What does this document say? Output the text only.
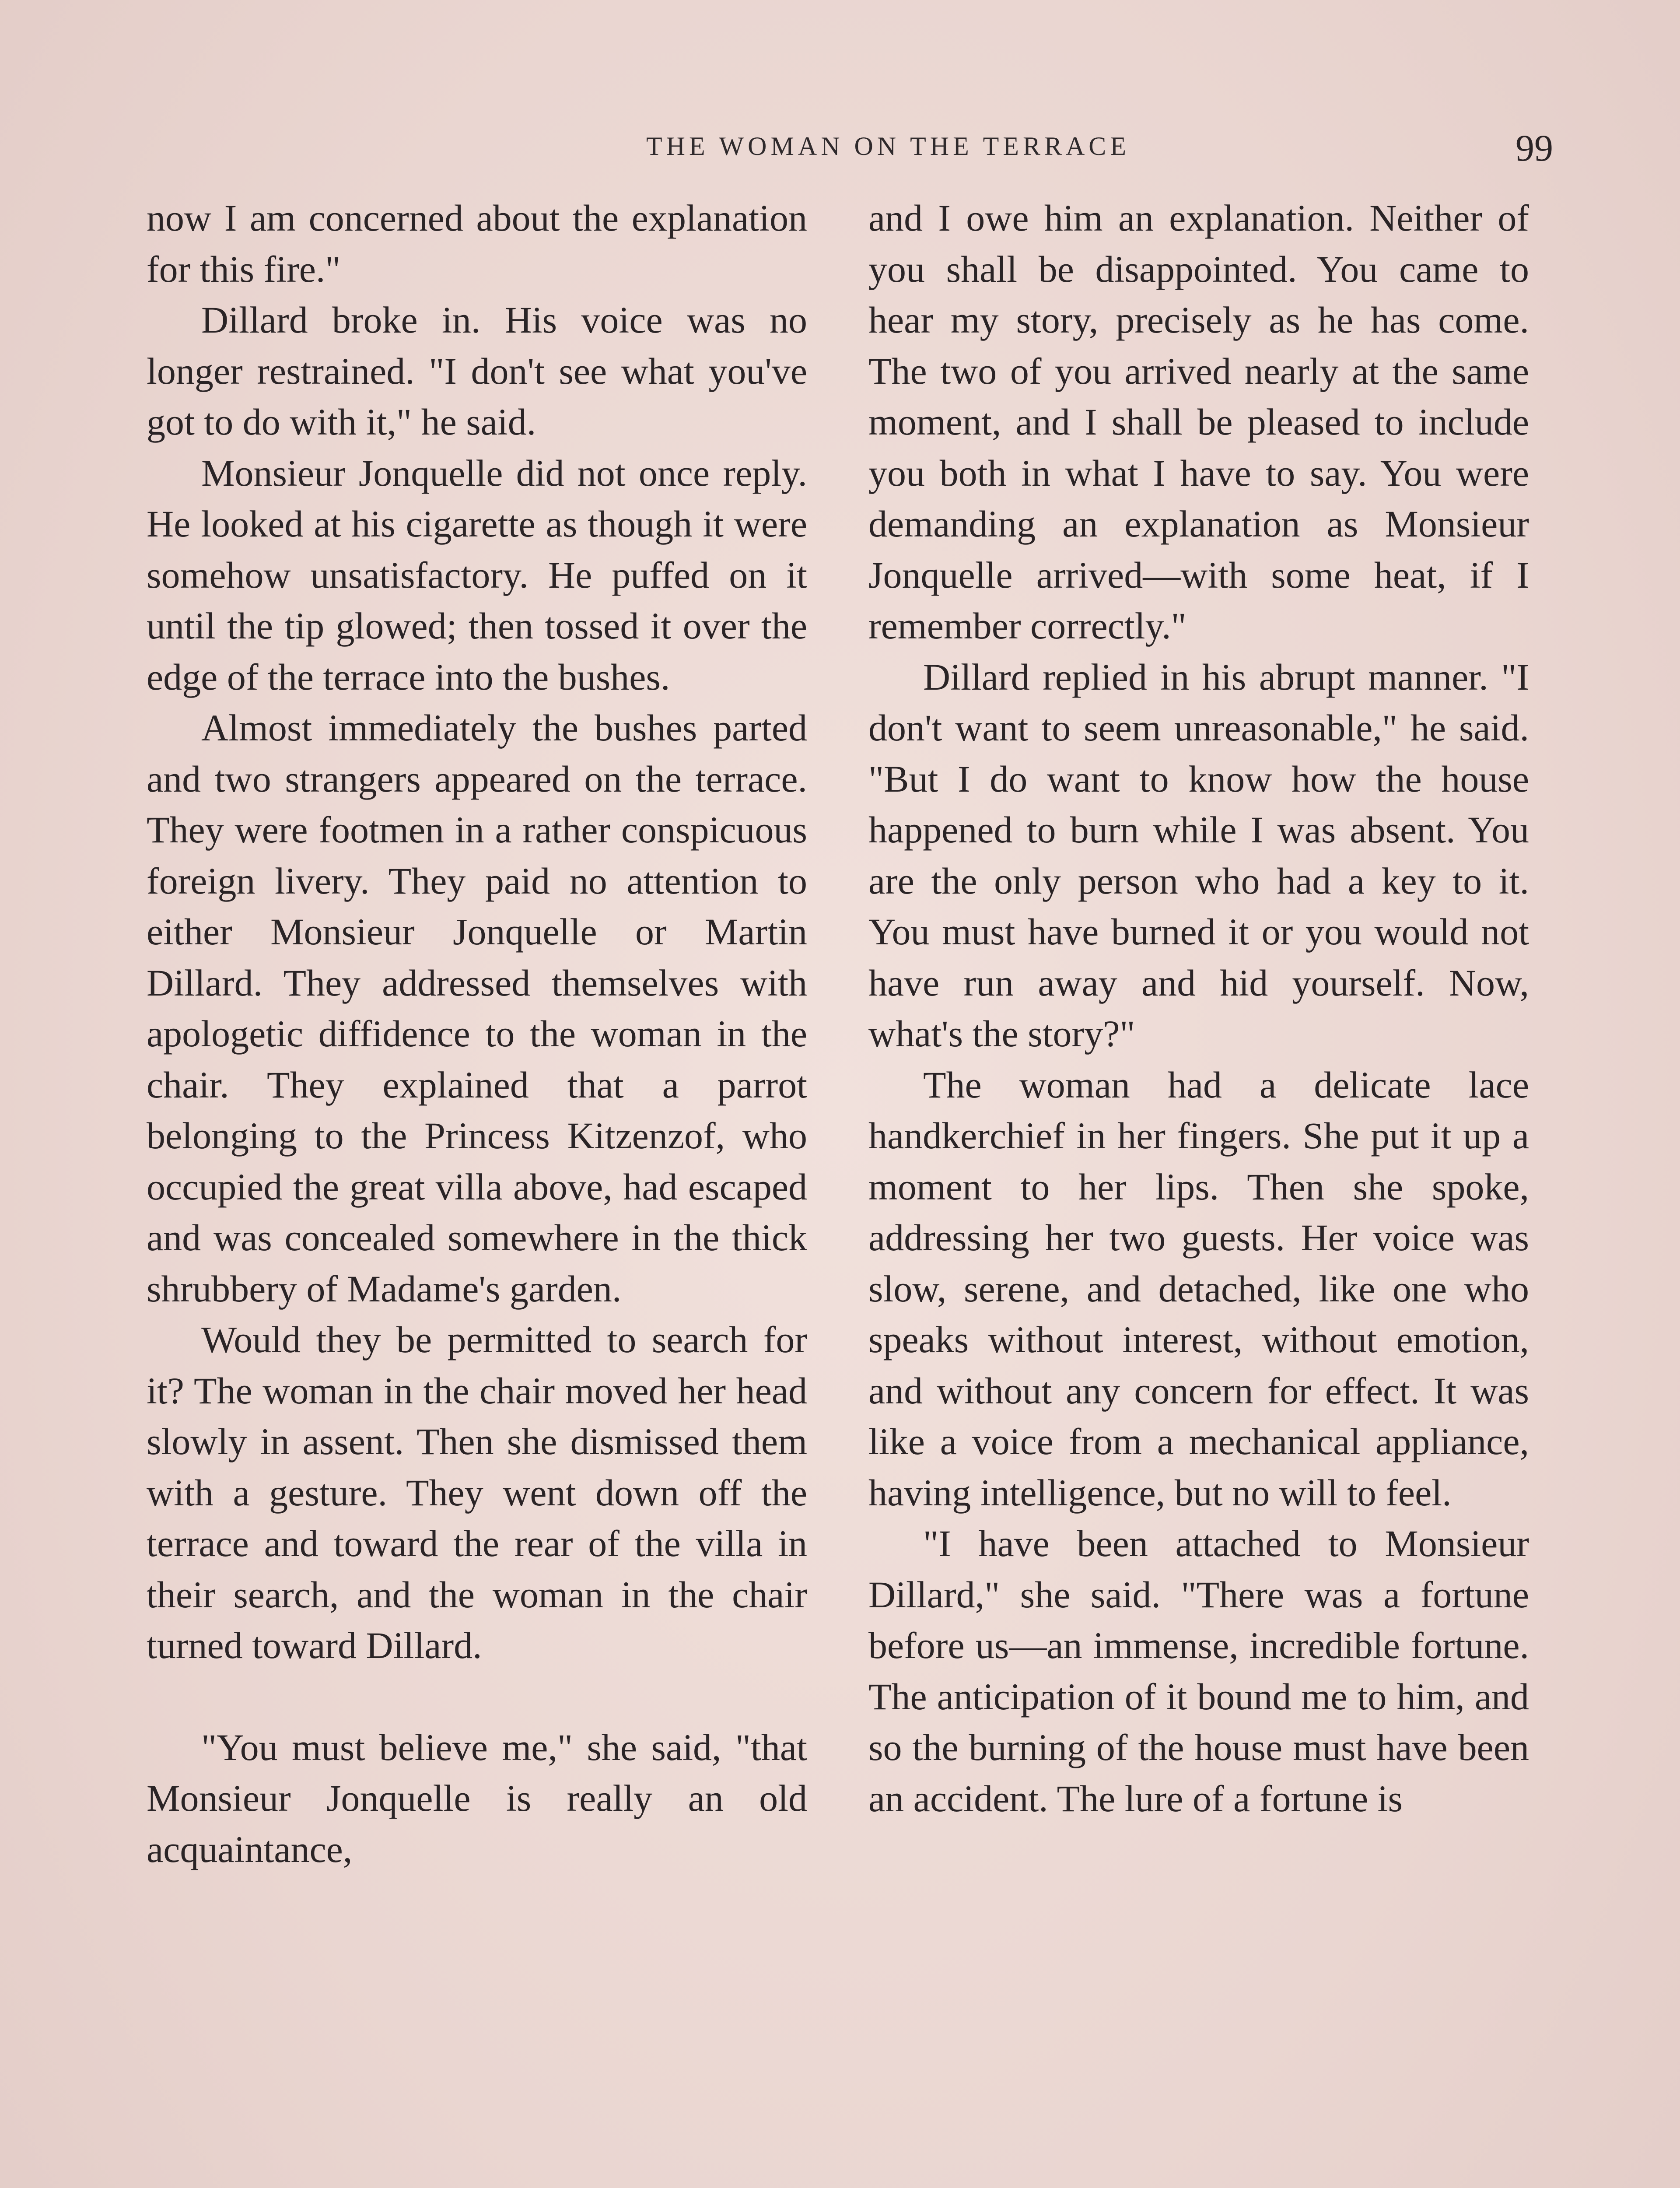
THE WOMAN ON THE TERRACE	99

now I am concerned about the explanation for this fire."

Dillard broke in. His voice was no longer restrained. "I don't see what you've got to do with it," he said.

Monsieur Jonquelle did not once reply. He looked at his cigarette as though it were somehow unsatisfactory. He puffed on it until the tip glowed; then tossed it over the edge of the terrace into the bushes.

Almost immediately the bushes parted and two strangers appeared on the terrace. They were footmen in a rather conspicuous foreign livery. They paid no attention to either Monsieur Jonquelle or Martin Dillard. They addressed themselves with apologetic diffidence to the woman in the chair. They explained that a parrot belonging to the Princess Kitzenzof, who occupied the great villa above, had escaped and was concealed somewhere in the thick shrubbery of Madame's garden.

Would they be permitted to search for it? The woman in the chair moved her head slowly in assent. Then she dismissed them with a gesture. They went down off the terrace and toward the rear of the villa in their search, and the woman in the chair turned toward Dillard.

"You must believe me," she said, "that Monsieur Jonquelle is really an old acquaintance,

and I owe him an explanation. Neither of you shall be disappointed. You came to hear my story, precisely as he has come. The two of you arrived nearly at the same moment, and I shall be pleased to include you both in what I have to say. You were demanding an explanation as Monsieur Jonquelle arrived—with some heat, if I remember correctly."

Dillard replied in his abrupt manner. "I don't want to seem unreasonable," he said. "But I do want to know how the house happened to burn while I was absent. You are the only person who had a key to it. You must have burned it or you would not have run away and hid yourself. Now, what's the story?"

The woman had a delicate lace handkerchief in her fingers. She put it up a moment to her lips. Then she spoke, addressing her two guests. Her voice was slow, serene, and detached, like one who speaks without interest, without emotion, and without any concern for effect. It was like a voice from a mechanical appliance, having intelligence, but no will to feel.

"I have been attached to Monsieur Dillard," she said. "There was a fortune before us—an immense, incredible fortune. The anticipation of it bound me to him, and so the burning of the house must have been an accident. The lure of a fortune is
